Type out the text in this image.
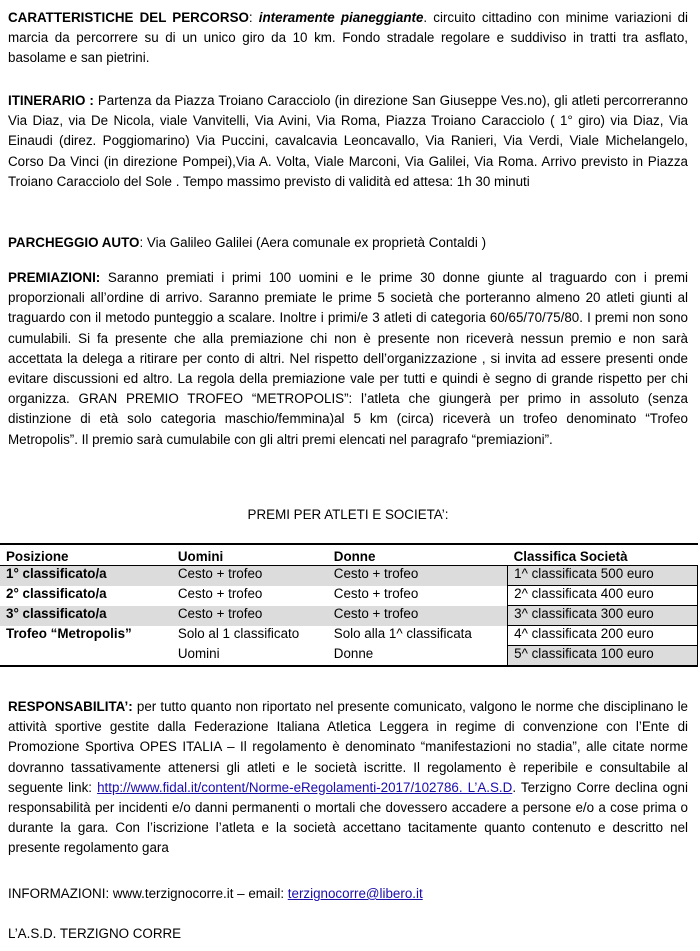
CARATTERISTICHE DEL PERCORSO: interamente pianeggiante. circuito cittadino con minime variazioni di marcia da percorrere su di un unico giro da 10 km. Fondo stradale regolare e suddiviso in tratti tra asflato, basolame e san pietrini.

ITINERARIO : Partenza da Piazza Troiano Caracciolo (in direzione San Giuseppe Ves.no), gli atleti percorreranno Via Diaz, via De Nicola, viale Vanvitelli, Via Avini, Via Roma, Piazza Troiano Caracciolo ( 1° giro) via Diaz, Via Einaudi (direz. Poggiomarino) Via Puccini, cavalcavia Leoncavallo, Via Ranieri, Via Verdi, Viale Michelangelo, Corso Da Vinci (in direzione Pompei),Via A. Volta, Viale Marconi, Via Galilei, Via Roma. Arrivo previsto in Piazza Troiano Caracciolo del Sole . Tempo massimo previsto di validità ed attesa: 1h 30 minuti

PARCHEGGIO AUTO: Via Galileo Galilei (Aera comunale ex proprietà Contaldi )

PREMIAZIONI: Saranno premiati i primi 100 uomini e le prime 30 donne giunte al traguardo con i premi proporzionali all’ordine di arrivo. Saranno premiate le prime 5 società che porteranno almeno 20 atleti giunti al traguardo con il metodo punteggio a scalare. Inoltre i primi/e 3 atleti di categoria 60/65/70/75/80. I premi non sono cumulabili. Si fa presente che alla premiazione chi non è presente non riceverà nessun premio e non sarà accettata la delega a ritirare per conto di altri. Nel rispetto dell’organizzazione , si invita ad essere presenti onde evitare discussioni ed altro. La regola della premiazione vale per tutti e quindi è segno di grande rispetto per chi organizza. GRAN PREMIO TROFEO “METROPOLIS”: l’atleta che giungerà per primo in assoluto (senza distinzione di età solo categoria maschio/femmina)al 5 km (circa) riceverà un trofeo denominato “Trofeo Metropolis”. Il premio sarà cumulabile con gli altri premi elencati nel paragrafo “premiazioni”.

PREMI PER ATLETI E SOCIETA’:
Posizione	Uomini	Donne	Classifica Società
1° classificato/a	Cesto + trofeo	Cesto + trofeo	1^ classificata 500 euro
2° classificato/a	Cesto + trofeo	Cesto + trofeo	2^ classificata 400 euro
3° classificato/a	Cesto + trofeo	Cesto + trofeo	3^ classificata 300 euro
Trofeo “Metropolis”	Solo al 1 classificato	Solo alla 1^ classificata	4^ classificata 200 euro
	Uomini	Donne	5^ classificata 100 euro

RESPONSABILITA’: per tutto quanto non riportato nel presente comunicato, valgono le norme che disciplinano le attività sportive gestite dalla Federazione Italiana Atletica Leggera in regime di convenzione con l’Ente di Promozione Sportiva OPES ITALIA – Il regolamento è denominato “manifestazioni no stadia”, alle citate norme dovranno tassativamente attenersi gli atleti e le società iscritte. Il regolamento è reperibile e consultabile al seguente link: http://www.fidal.it/content/Norme-eRegolamenti-2017/102786. L’A.S.D. Terzigno Corre declina ogni responsabilità per incidenti e/o danni permanenti o mortali che dovessero accadere a persone e/o a cose prima o durante la gara. Con l’iscrizione l’atleta e la società accettano tacitamente quanto contenuto e descritto nel presente regolamento gara

INFORMAZIONI: www.terzignocorre.it – email: terzignocorre@libero.it

L’A.S.D. TERZIGNO CORRE
